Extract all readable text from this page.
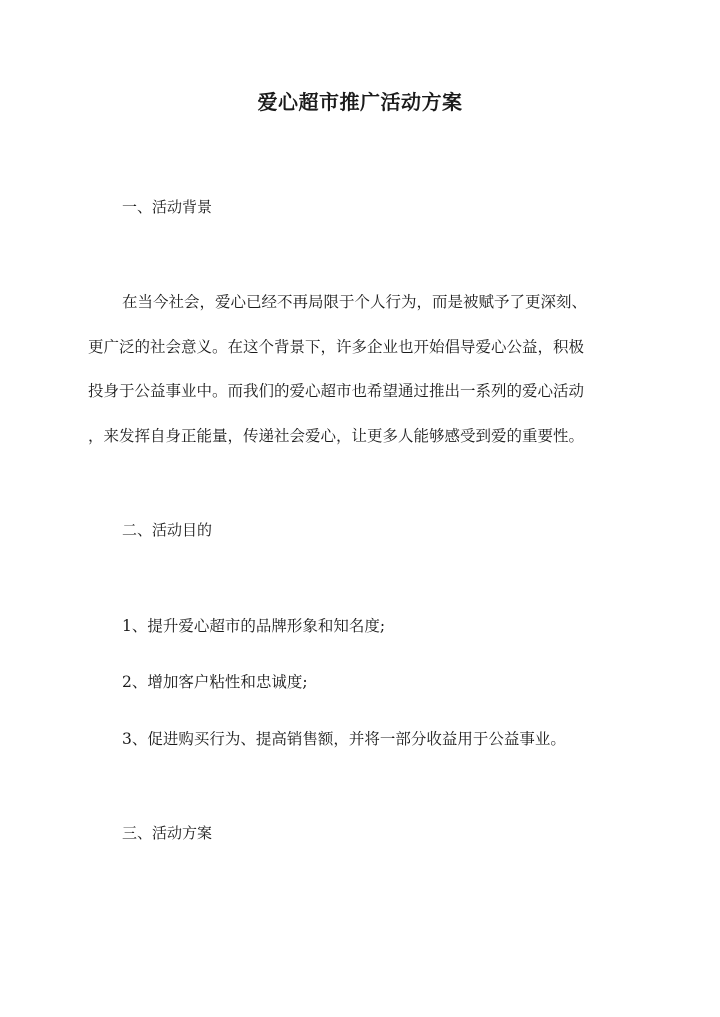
爱心超市推广活动方案
一、活动背景
在当今社会，爱心已经不再局限于个人行为，而是被赋予了更深刻、
更广泛的社会意义。在这个背景下，许多企业也开始倡导爱心公益，积极
投身于公益事业中。而我们的爱心超市也希望通过推出一系列的爱心活动
，来发挥自身正能量，传递社会爱心，让更多人能够感受到爱的重要性。
二、活动目的
1、提升爱心超市的品牌形象和知名度;
2、增加客户粘性和忠诚度;
3、促进购买行为、提高销售额，并将一部分收益用于公益事业。
三、活动方案
